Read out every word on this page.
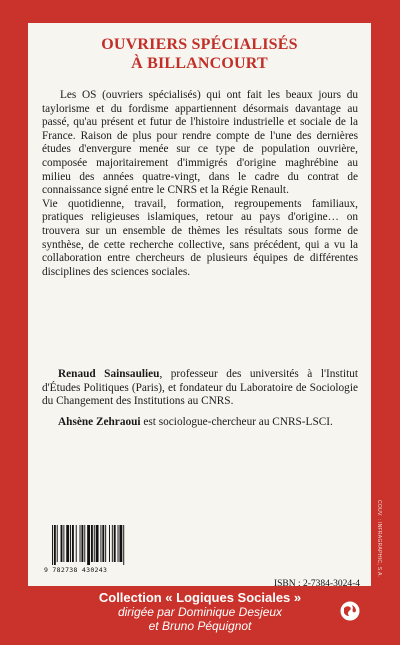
OUVRIERS SPÉCIALISÉS
À BILLANCOURT

Les OS (ouvriers spécialisés) qui ont fait les beaux jours du taylorisme et du fordisme appartiennent désormais davantage au passé, qu'au présent et futur de l'histoire industrielle et sociale de la France. Raison de plus pour rendre compte de l'une des dernières études d'envergure menée sur ce type de population ouvrière, composée majoritairement d'immigrés d'origine maghrébine au milieu des années quatre-vingt, dans le cadre du contrat de connaissance signé entre le CNRS et la Régie Renault.

Vie quotidienne, travail, formation, regroupements familiaux, pratiques religieuses islamiques, retour au pays d'origine… on trouvera sur un ensemble de thèmes les résultats sous forme de synthèse, de cette recherche collective, sans précédent, qui a vu la collaboration entre chercheurs de plusieurs équipes de différentes disciplines des sciences sociales.

Renaud Sainsaulieu, professeur des universités à l'Institut d'Études Politiques (Paris), et fondateur du Laboratoire de Sociologie du Changement des Institutions au CNRS.

Ahsène Zehraoui est sociologue-chercheur au CNRS-LSCI.

9 782738 430243
ISBN : 2-7384-3024-4
Collection « Logiques Sociales »
dirigée par Dominique Desjeux
et Bruno Péquignot
COUV. : INFRAGRAPHIC, S.A.
